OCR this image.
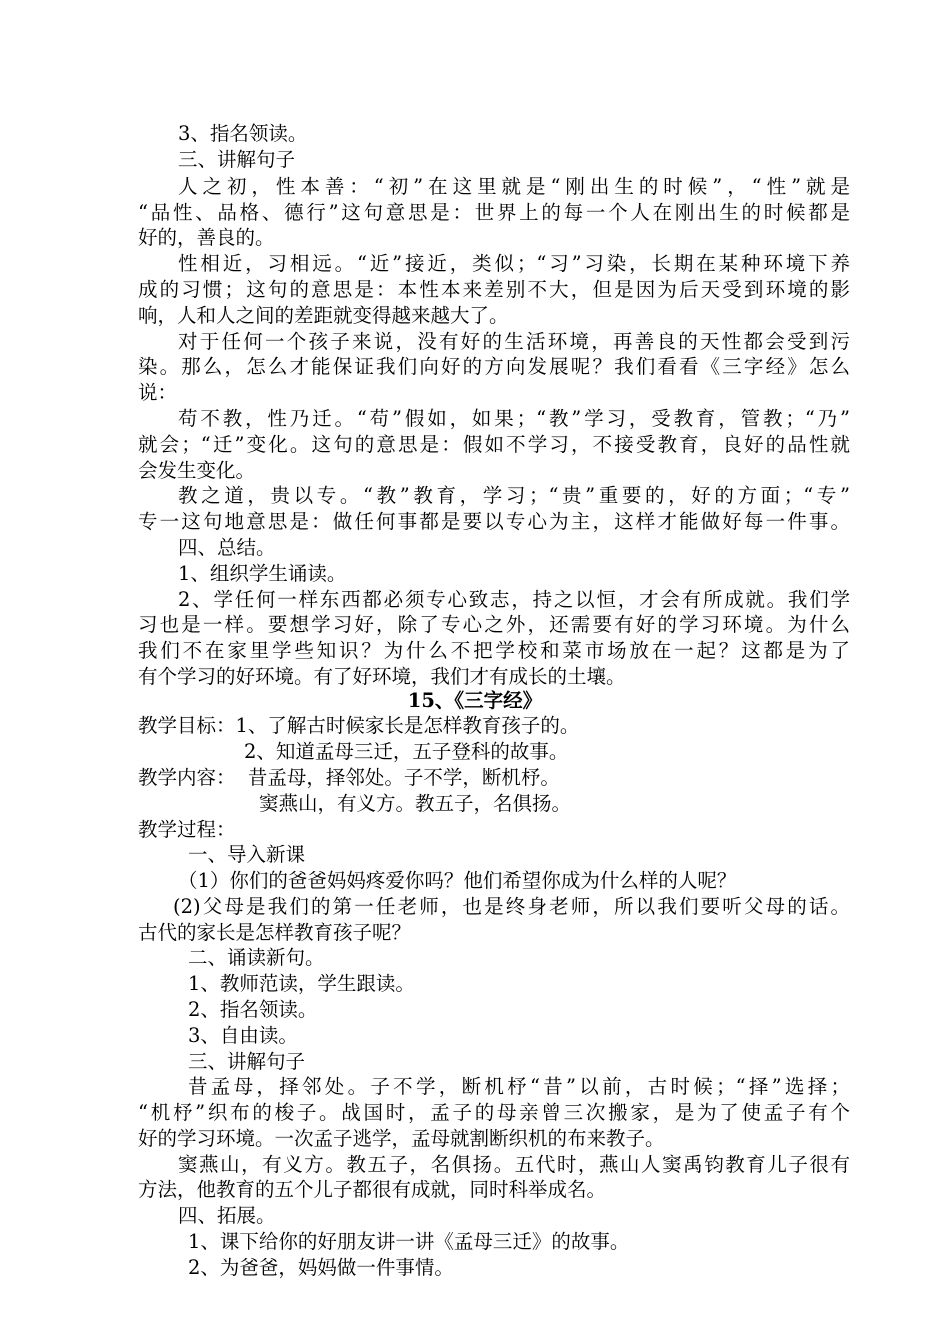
3、指名领读。
三、讲解句子
人之初，性本善：“初”在这里就是“刚出生的时候”，“性”就是
“品性、品格、德行”这句意思是：世界上的每一个人在刚出生的时候都是
好的，善良的。
性相近，习相远。“近”接近，类似；“习”习染，长期在某种环境下养
成的习惯；这句的意思是：本性本来差别不大，但是因为后天受到环境的影
响，人和人之间的差距就变得越来越大了。
对于任何一个孩子来说，没有好的生活环境，再善良的天性都会受到污
染。那么，怎么才能保证我们向好的方向发展呢？我们看看《三字经》怎么
说：
苟不教，性乃迁。“苟”假如，如果；“教”学习，受教育，管教；“乃”
就会；“迁”变化。这句的意思是：假如不学习，不接受教育，良好的品性就
会发生变化。
教之道，贵以专。“教”教育，学习；“贵”重要的，好的方面；“专”
专一这句地意思是：做任何事都是要以专心为主，这样才能做好每一件事。
四、总结。
1、组织学生诵读。
2、学任何一样东西都必须专心致志，持之以恒，才会有所成就。我们学
习也是一样。要想学习好，除了专心之外，还需要有好的学习环境。为什么
我们不在家里学些知识？为什么不把学校和菜市场放在一起？这都是为了
有个学习的好环境。有了好环境，我们才有成长的土壤。
15、《三字经》
教学目标：1、了解古时候家长是怎样教育孩子的。
2、知道孟母三迁，五子登科的故事。
教学内容：  昔孟母，择邻处。子不学，断机杼。
窦燕山，有义方。教五子，名俱扬。
教学过程：
一、导入新课
（1）你们的爸爸妈妈疼爱你吗？他们希望你成为什么样的人呢？
(2)父母是我们的第一任老师，也是终身老师，所以我们要听父母的话。
古代的家长是怎样教育孩子呢？
二、诵读新句。
1、教师范读，学生跟读。
2、指名领读。
3、自由读。
三、讲解句子
昔孟母，择邻处。子不学，断机杼“昔”以前，古时候；“择”选择；
“机杼”织布的梭子。战国时，孟子的母亲曾三次搬家，是为了使孟子有个
好的学习环境。一次孟子逃学，孟母就割断织机的布来教子。
窦燕山，有义方。教五子，名俱扬。五代时，燕山人窦禹钧教育儿子很有
方法，他教育的五个儿子都很有成就，同时科举成名。
四、拓展。
1、课下给你的好朋友讲一讲《孟母三迁》的故事。
2、为爸爸，妈妈做一件事情。
